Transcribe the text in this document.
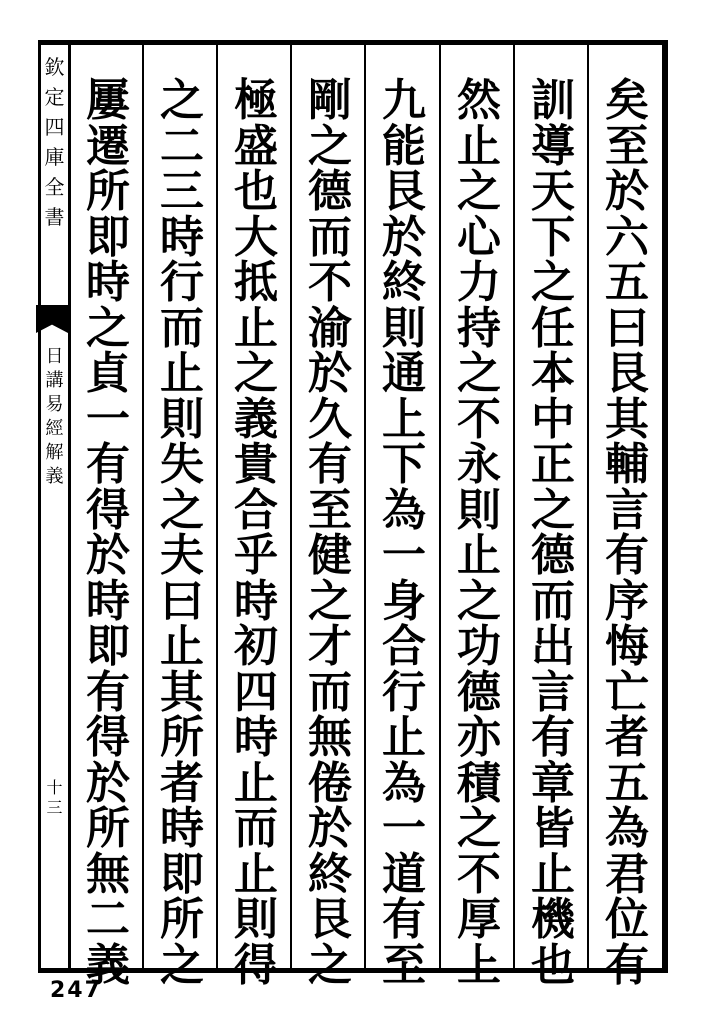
欽
定
四
庫
全
書
日
講
易
經
解
義
十三
矣
至
於
六
五
曰
艮
其
輔
言
有
序
悔
亡
者
五
為
君
位
有
訓
導
天
下
之
任
本
中
正
之
德
而
出
言
有
章
皆
止
機
也
然
止
之
心
力
持
之
不
永
則
止
之
功
德
亦
積
之
不
厚
上
九
能
艮
於
終
則
通
上
下
為
一
身
合
行
止
為
一
道
有
至
剛
之
德
而
不
渝
於
久
有
至
健
之
才
而
無
倦
於
終
艮
之
極
盛
也
大
抵
止
之
義
貴
合
乎
時
初
四
時
止
而
止
則
得
之
二
三
時
行
而
止
則
失
之
夫
曰
止
其
所
者
時
即
所
之
屢
遷
所
即
時
之
貞
一
有
得
於
時
即
有
得
於
所
無
二
義
247
